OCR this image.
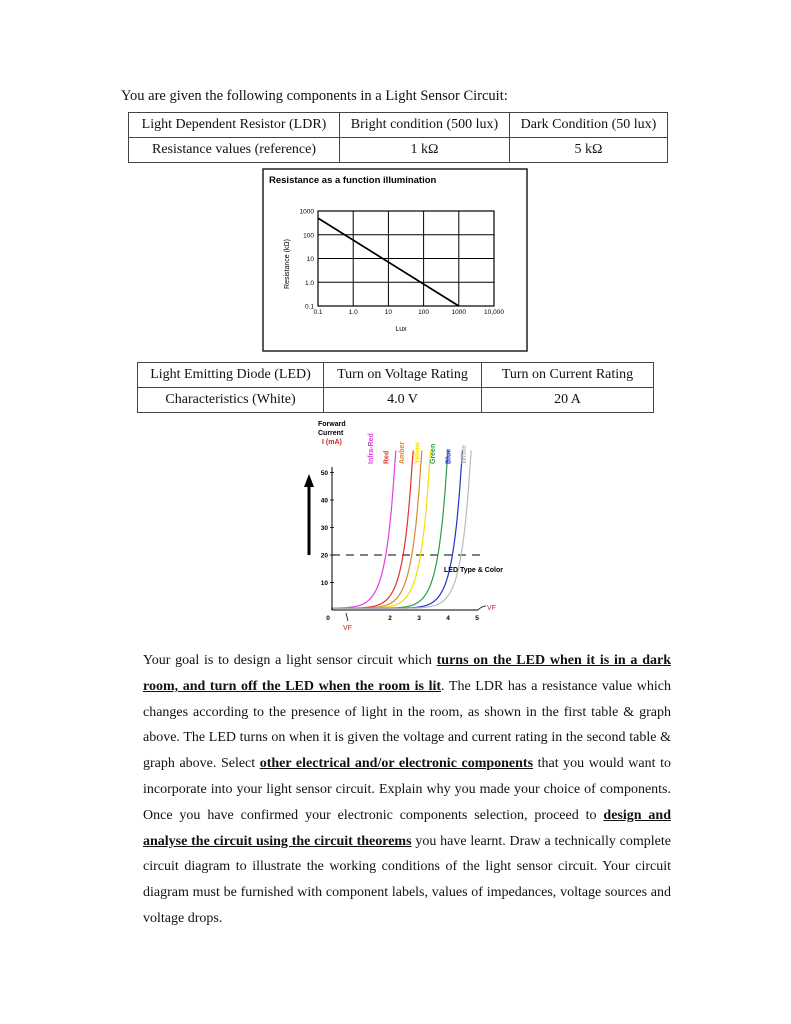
You are given the following components in a Light Sensor Circuit:
Light Dependent Resistor (LDR)	Bright condition (500 lux)	Dark Condition (50 lux)
Resistance values (reference)	1 kΩ	5 kΩ
Resistance as a function illumination
1000
100
10
1.0
0.1
0.1	1.0	10	100	1000	10,000
Lux
Resistance (kΩ)
Light Emitting Diode (LED)	Turn on Voltage Rating	Turn on Current Rating
Characteristics (White)	4.0 V	20 A
Forward
Current
I (mA)	Infra-Red Red Amber Yellow Green Blue White
10
20
30
40
50
0	2	3	4	5
LED Type & Color
VF
VF
Your goal is to design a light sensor circuit which turns on the LED when it is in a dark room, and turn off the LED when the room is lit. The LDR has a resistance value which changes according to the presence of light in the room, as shown in the first table & graph above. The LED turns on when it is given the voltage and current rating in the second table & graph above. Select other electrical and/or electronic components that you would want to incorporate into your light sensor circuit. Explain why you made your choice of components. Once you have confirmed your electronic components selection, proceed to design and analyse the circuit using the circuit theorems you have learnt. Draw a technically complete circuit diagram to illustrate the working conditions of the light sensor circuit. Your circuit diagram must be furnished with component labels, values of impedances, voltage sources and voltage drops.
